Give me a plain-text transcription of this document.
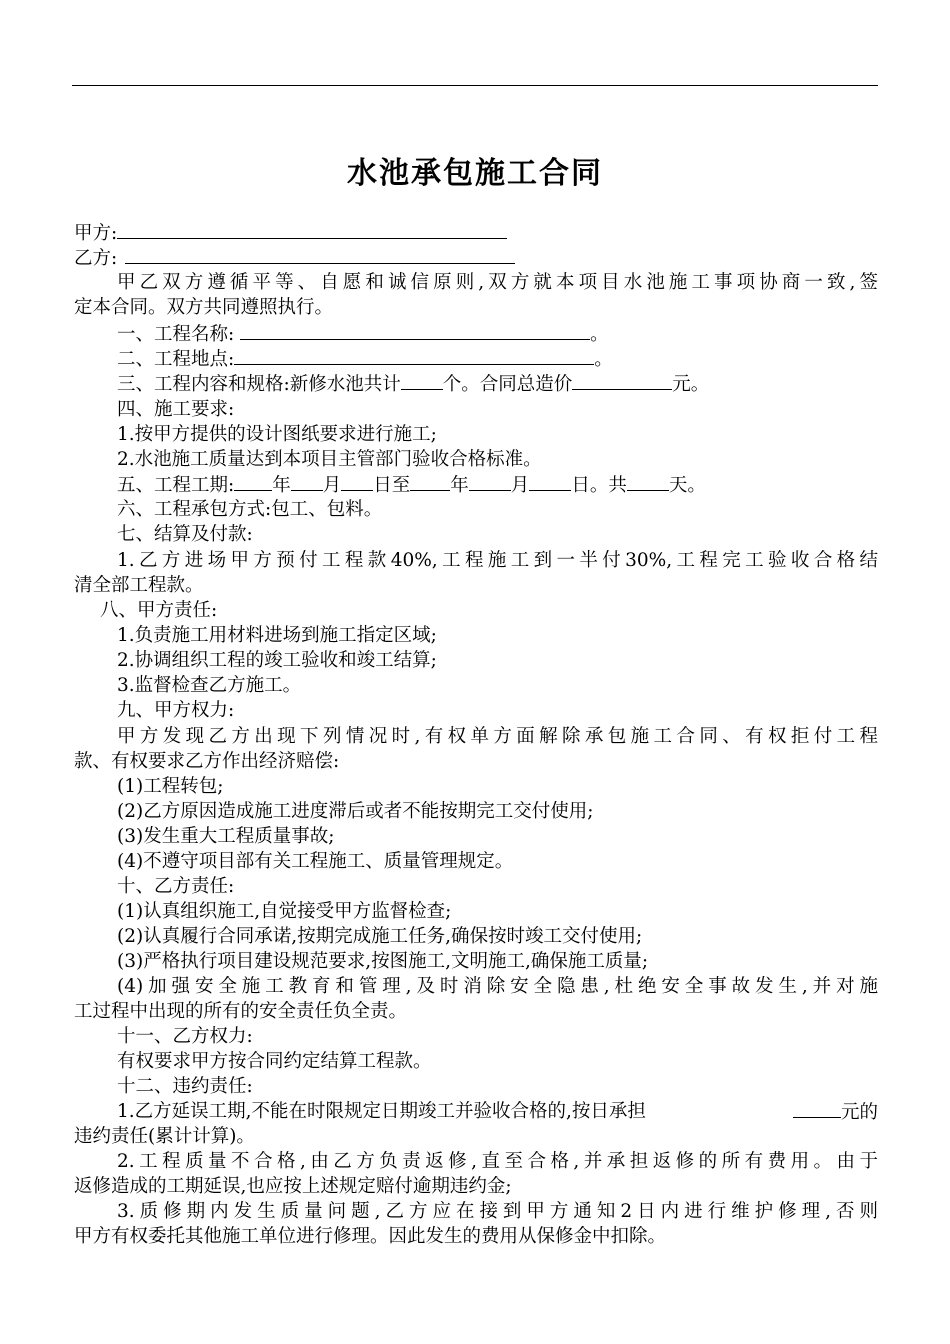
水池承包施工合同
甲方:
乙方:
甲乙双方遵循平等、自愿和诚信原则,双方就本项目水池施工事项协商一致,签
定本合同。双方共同遵照执行。
一、工程名称:	。
二、工程地点:	。
三、工程内容和规格:新修水池共计 个。合同总造价	元。
四、施工要求:
1.按甲方提供的设计图纸要求进行施工;
2.水池施工质量达到本项目主管部门验收合格标准。
五、工程工期: 年 月 日至 年 月 日。共 天。
六、工程承包方式:包工、包料。
七、结算及付款:
1.乙方进场甲方预付工程款40%,工程施工到一半付30%,工程完工验收合格结
清全部工程款。
八、甲方责任:
1.负责施工用材料进场到施工指定区域;
2.协调组织工程的竣工验收和竣工结算;
3.监督检查乙方施工。
九、甲方权力:
甲方发现乙方出现下列情况时,有权单方面解除承包施工合同、有权拒付工程
款、有权要求乙方作出经济赔偿:
(1)工程转包;
(2)乙方原因造成施工进度滞后或者不能按期完工交付使用;
(3)发生重大工程质量事故;
(4)不遵守项目部有关工程施工、质量管理规定。
十、乙方责任:
(1)认真组织施工,自觉接受甲方监督检查;
(2)认真履行合同承诺,按期完成施工任务,确保按时竣工交付使用;
(3)严格执行项目建设规范要求,按图施工,文明施工,确保施工质量;
(4)加强安全施工教育和管理,及时消除安全隐患,杜绝安全事故发生,并对施
工过程中出现的所有的安全责任负全责。
十一、乙方权力:
有权要求甲方按合同约定结算工程款。
十二、违约责任:
1.乙方延误工期,不能在时限规定日期竣工并验收合格的,按日承担	元的
违约责任(累计计算)。
2.工程质量不合格,由乙方负责返修,直至合格,并承担返修的所有费用。由于
返修造成的工期延误,也应按上述规定赔付逾期违约金;
3.质修期内发生质量问题,乙方应在接到甲方通知2日内进行维护修理,否则
甲方有权委托其他施工单位进行修理。因此发生的费用从保修金中扣除。
